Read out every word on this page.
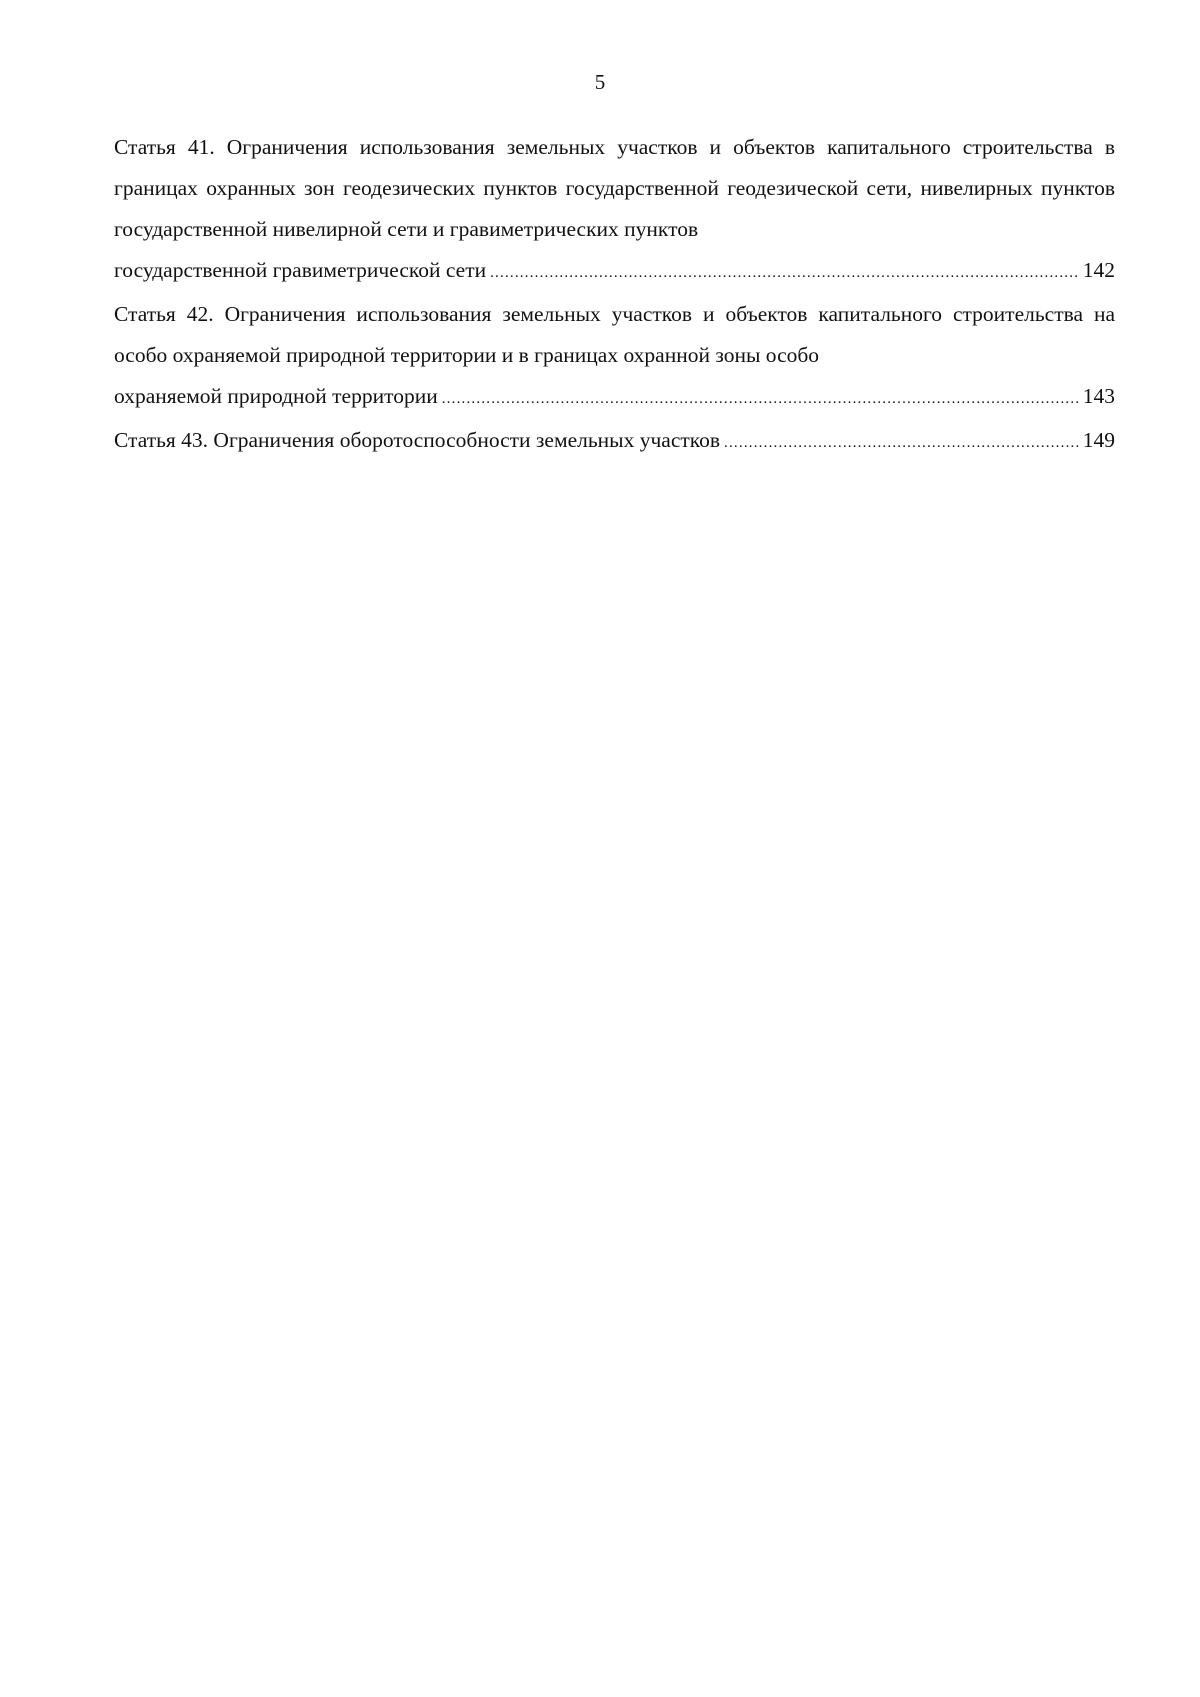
5
Статья 41. Ограничения использования земельных участков и объектов капитального строительства в границах охранных зон геодезических пунктов государственной геодезической сети, нивелирных пунктов государственной нивелирной сети и гравиметрических пунктов
государственной гравиметрической сети .....	142
Статья 42. Ограничения использования земельных участков и объектов капитального строительства на особо охраняемой природной территории и в границах охранной зоны особо
охраняемой природной территории .....	143
Статья 43. Ограничения оборотоспособности земельных участков .....	149
